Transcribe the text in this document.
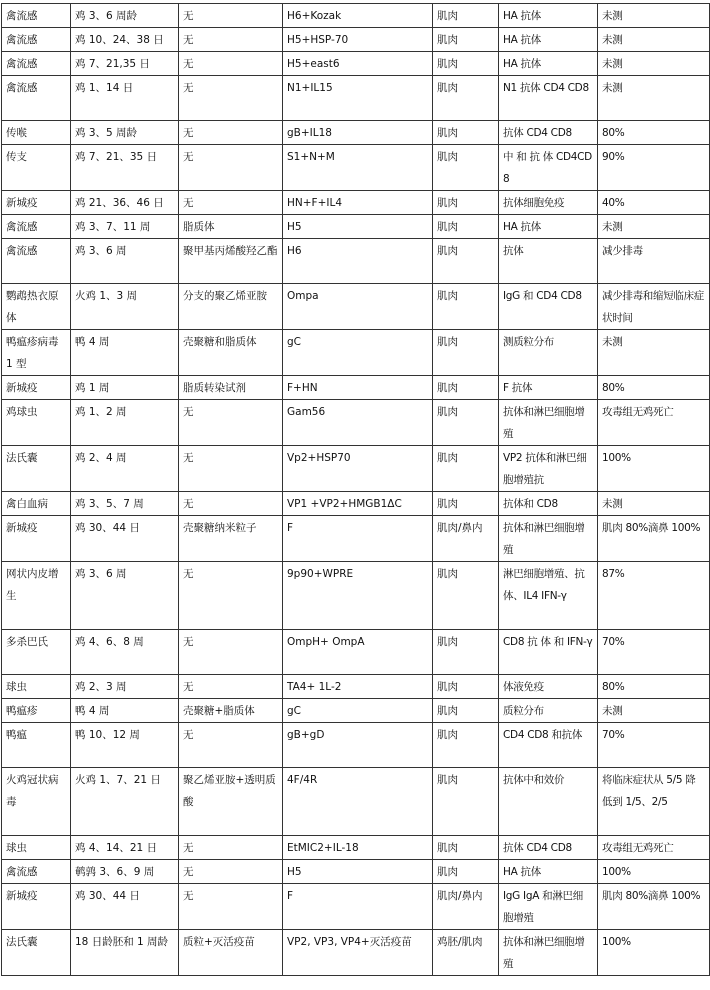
禽流感	鸡 3、6 周龄	无	H6+Kozak	肌肉	HA 抗体	未测
禽流感	鸡 10、24、38 日	无	H5+HSP-70	肌肉	HA 抗体	未测
禽流感	鸡 7、21,35 日	无	H5+east6	肌肉	HA 抗体	未测
禽流感	鸡 1、14 日	无	N1+IL15	肌肉	N1 抗体 CD4 CD8	未测
传喉	鸡 3、5 周龄	无	gB+IL18	肌肉	抗体 CD4 CD8	80%
传支	鸡 7、21、35 日	无	S1+N+M	肌肉	中 和 抗 体 CD4CD8	90%
新城疫	鸡 21、36、46 日	无	HN+F+IL4	肌肉	抗体细胞免疫	40%
禽流感	鸡 3、7、11 周	脂质体	H5	肌肉	HA 抗体	未测
禽流感	鸡 3、6 周	聚甲基丙烯酸羟乙酯	H6	肌肉	抗体	减少排毒
鹦鹉热衣原体	火鸡 1、3 周	分支的聚乙烯亚胺	Ompa	肌肉	IgG 和 CD4 CD8	减少排毒和缩短临床症状时间
鸭瘟疹病毒 1 型	鸭 4 周	壳聚糖和脂质体	gC	肌肉	测质粒分布	未测
新城疫	鸡 1 周	脂质转染试剂	F+HN	肌肉	F 抗体	80%
鸡球虫	鸡 1、2 周	无	Gam56	肌肉	抗体和淋巴细胞增殖	攻毒组无鸡死亡
法氏囊	鸡 2、4 周	无	Vp2+HSP70	肌肉	VP2 抗体和淋巴细胞增殖抗	100%
禽白血病	鸡 3、5、7 周	无	VP1 +VP2+HMGB1ΔC	肌肉	抗体和 CD8	未测
新城疫	鸡 30、44 日	壳聚糖纳米粒子	F	肌肉/鼻内	抗体和淋巴细胞增殖	肌肉 80%滴鼻 100%
网状内皮增生	鸡 3、6 周	无	9p90+WPRE	肌肉	淋巴细胞增殖、抗体、IL4 IFN-γ	87%
多杀巴氏	鸡 4、6、8 周	无	OmpH+ OmpA	肌肉	CD8 抗 体 和 IFN-γ	70%
球虫	鸡 2、3 周	无	TA4+ 1L-2	肌肉	体液免疫	80%
鸭瘟疹	鸭 4 周	壳聚糖+脂质体	gC	肌肉	质粒分布	未测
鸭瘟	鸭 10、12 周	无	gB+gD	肌肉	CD4 CD8 和抗体	70%
火鸡冠状病毒	火鸡 1、7、21 日	聚乙烯亚胺+透明质酸	4F/4R	肌肉	抗体中和效价	将临床症状从 5/5 降低到 1/5、2/5
球虫	鸡 4、14、21 日	无	EtMIC2+IL-18	肌肉	抗体 CD4 CD8	攻毒组无鸡死亡
禽流感	鹌鹑 3、6、9 周	无	H5	肌肉	HA 抗体	100%
新城疫	鸡 30、44 日	无	F	肌肉/鼻内	IgG IgA 和淋巴细胞增殖	肌肉 80%滴鼻 100%
法氏囊	18 日龄胚和 1 周龄	质粒+灭活疫苗	VP2, VP3, VP4+灭活疫苗	鸡胚/肌肉	抗体和淋巴细胞增殖	100%
